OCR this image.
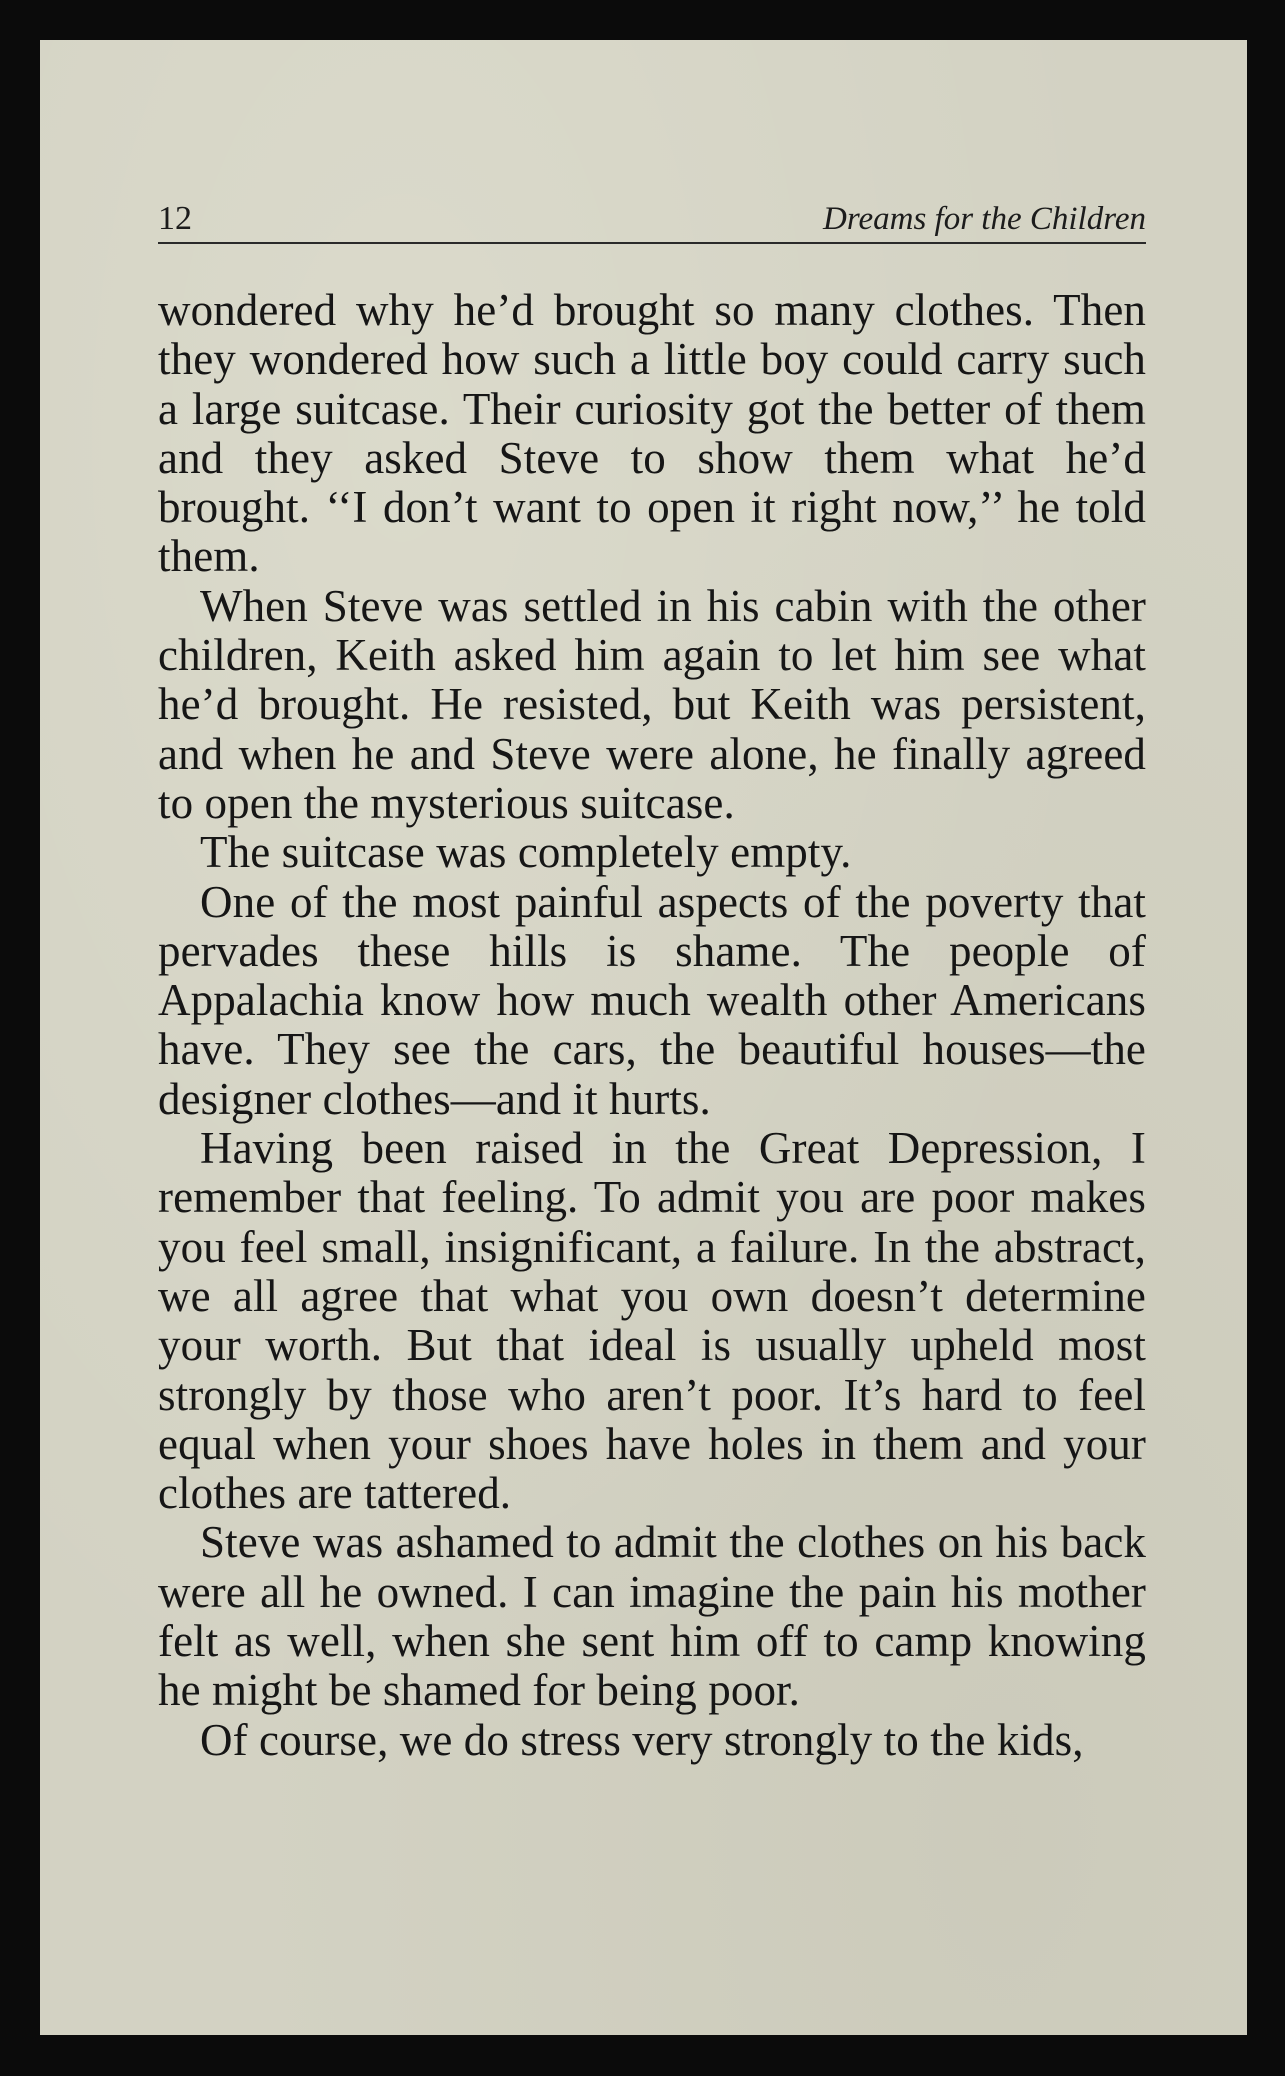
12	Dreams for the Children

wondered why he’d brought so many clothes. Then they wondered how such a little boy could carry such a large suitcase. Their curiosity got the better of them and they asked Steve to show them what he’d brought. ‘‘I don’t want to open it right now,’’ he told them.

When Steve was settled in his cabin with the other children, Keith asked him again to let him see what he’d brought. He resisted, but Keith was persistent, and when he and Steve were alone, he finally agreed to open the mysterious suitcase.

The suitcase was completely empty.

One of the most painful aspects of the poverty that pervades these hills is shame. The people of Appalachia know how much wealth other Americans have. They see the cars, the beautiful houses—the designer clothes—and it hurts.

Having been raised in the Great Depression, I remember that feeling. To admit you are poor makes you feel small, insignificant, a failure. In the abstract, we all agree that what you own doesn’t determine your worth. But that ideal is usually upheld most strongly by those who aren’t poor. It’s hard to feel equal when your shoes have holes in them and your clothes are tattered.

Steve was ashamed to admit the clothes on his back were all he owned. I can imagine the pain his mother felt as well, when she sent him off to camp knowing he might be shamed for being poor.

Of course, we do stress very strongly to the kids,
